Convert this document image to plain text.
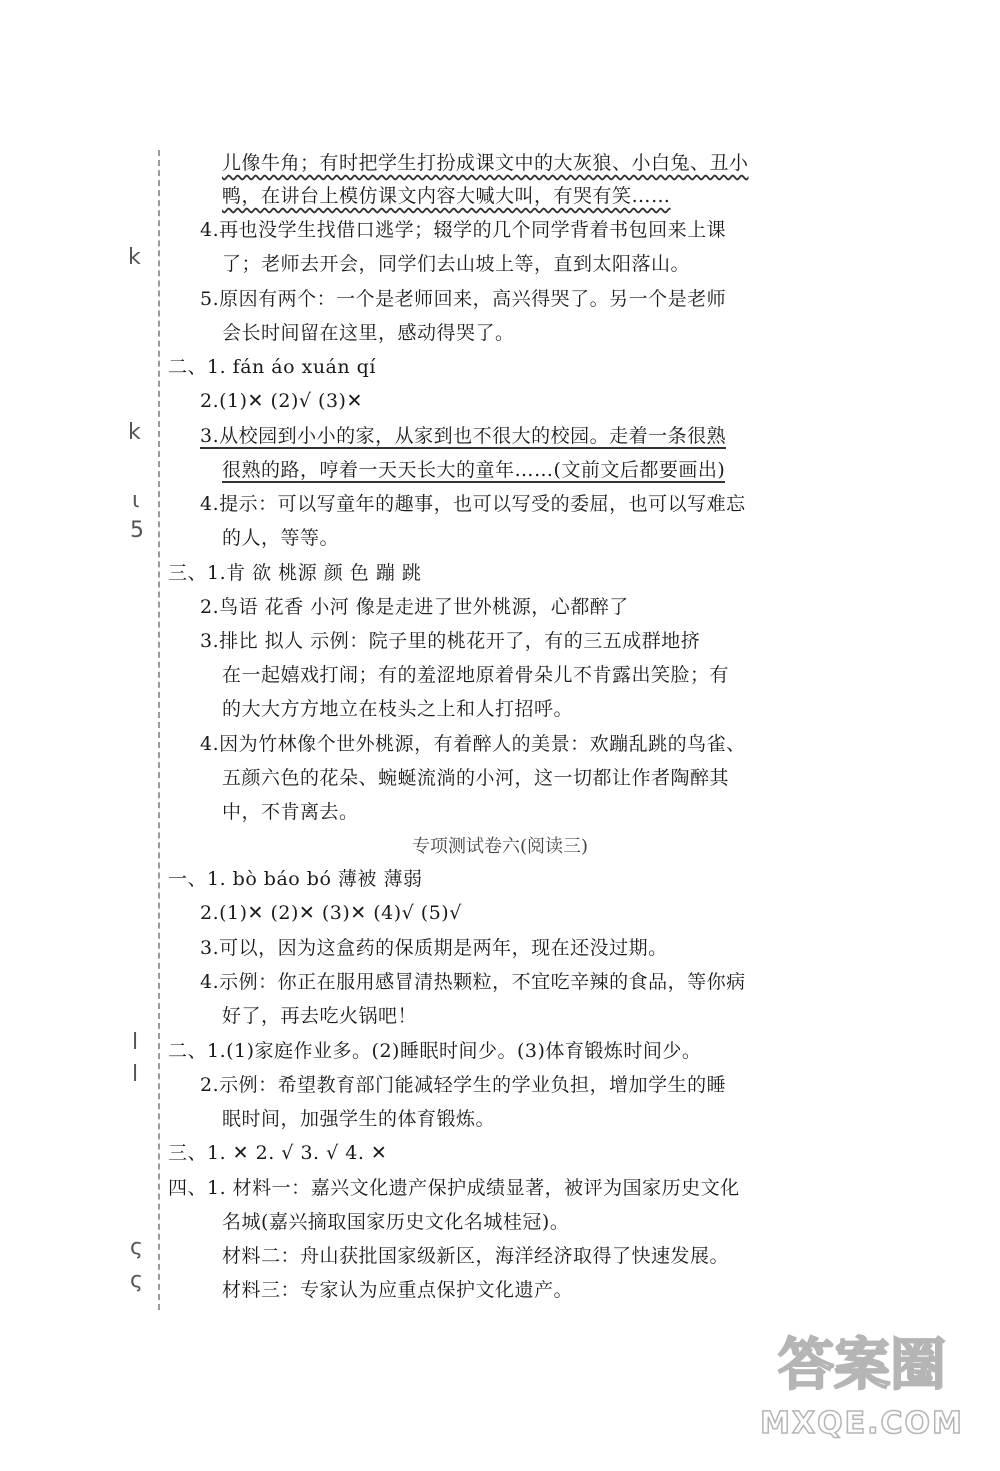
k
k
ι
5
l
l
ς
ς
儿像牛角；有时把学生打扮成课文中的大灰狼、小白兔、丑小
鸭，在讲台上模仿课文内容大喊大叫，有哭有笑……
4.再也没学生找借口逃学；辍学的几个同学背着书包回来上课
了；老师去开会，同学们去山坡上等，直到太阳落山。
5.原因有两个：一个是老师回来，高兴得哭了。另一个是老师
会长时间留在这里，感动得哭了。
二、1. fán áo xuán qí
2.(1)✕ (2)√ (3)✕
3.从校园到小小的家，从家到也不很大的校园。走着一条很熟
很熟的路，哼着一天天长大的童年……(文前文后都要画出)
4.提示：可以写童年的趣事，也可以写受的委屈，也可以写难忘
的人，等等。
三、1.肯 欲 桃源 颜 色 蹦 跳
2.鸟语 花香 小河 像是走进了世外桃源，心都醉了
3.排比 拟人 示例：院子里的桃花开了，有的三五成群地挤
在一起嬉戏打闹；有的羞涩地原着骨朵儿不肯露出笑脸；有
的大大方方地立在枝头之上和人打招呼。
4.因为竹林像个世外桃源，有着醉人的美景：欢蹦乱跳的鸟雀、
五颜六色的花朵、蜿蜒流淌的小河，这一切都让作者陶醉其
中，不肯离去。
专项测试卷六(阅读三)
一、1. bò báo bó 薄被 薄弱
2.(1)✕ (2)✕ (3)✕ (4)√ (5)√
3.可以，因为这盒药的保质期是两年，现在还没过期。
4.示例：你正在服用感冒清热颗粒，不宜吃辛辣的食品，等你病
好了，再去吃火锅吧！
二、1.(1)家庭作业多。(2)睡眠时间少。(3)体育锻炼时间少。
2.示例：希望教育部门能减轻学生的学业负担，增加学生的睡
眠时间，加强学生的体育锻炼。
三、1. ✕ 2. √ 3. √ 4. ✕
四、1. 材料一：嘉兴文化遗产保护成绩显著，被评为国家历史文化
名城(嘉兴摘取国家历史文化名城桂冠)。
材料二：舟山获批国家级新区，海洋经济取得了快速发展。
材料三：专家认为应重点保护文化遗产。
答案圈
MXQE.COM
